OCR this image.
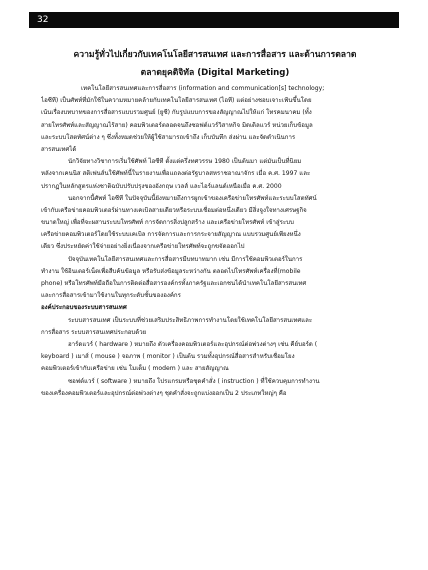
32
ความรู้ทั่วไปเกี่ยวกับเทคโนโลยีสารสนเทศ และการสื่อสาร และด้านการตลาด
ตลาดยุคดิจิทัล (Digital Marketing)
เทคโนโลยีสารสนเทศและการสื่อสาร (information and communication[s] technology;
ไอซีที) เป็นศัพท์ที่มักใช้ในความหมายคล้ายกับเทคโนโลยีสารสนเทศ (ไอที) แต่อย่างชอบเจาะเฟ้นขึ้นโดย
เน้นเรื่องบทบาทของการสื่อสารแบบรวมศูนย์ (ยูซี) กับรูปแบบการของสัญญาณไปให้แก่ โทรคมนาคม (ทั้ง
สายโทรศัพท์และสัญญาณไร้สาย) คอมพิวเตอร์ตลอดจนถึงซอฟต์แวร์วิสาหกิจ มิดเดิลแวร์ หน่วยเก็บข้อมูล
และระบบโสตทัศน์ต่าง ๆ ซึ่งทั้งหมดช่วยให้ผู้ใช้สามารถเข้าถึง เก็บบันทึก ส่งผ่าน และจัดดำเนินการ
สารสนเทศได้
นักวิจัยทางวิชาการเริ่มใช้ศัพท์ ไอซีที ตั้งแต่ครึ่งทศวรรษ 1980 เป็นต้นมา แต่มันเป็นที่นิยม
หลังจากเคนนิส สติเฟนส์นใช้ศัพท์นี้ในรายงานเพื่อแถลงต่อรัฐบาลสหราชอาณาจักร เมื่อ ค.ศ. 1997 และ
ปรากฏในหลักสูตรแห่งชาติฉบับปรับปรุงของอังกฤษ เวลส์ และไอร์แลนด์เหนือเมื่อ ค.ศ. 2000
นอกจากนี้ศัพท์ ไอซีที ในปัจจุบันนี้ยังหมายถึงการผูกเข้าของเครือข่ายโทรศัพท์และระบบโสตทัศน์
เข้ากับเครือข่ายคอมพิวเตอร์ผ่านทางเคเบิลสายเดียวหรือระบบเชื่อมต่อหนึ่งเดียว มีสิ่งจูงใจทางเศรษฐกิจ
ขนาดใหญ่ เพื่อที่จะผสานระบบโทรศัพท์ การจัดการสิ่งปลูกสร้าง และเครือข่ายโทรศัพท์ เข้าสู่ระบบ
เครือข่ายคอมพิวเตอร์โดยใช้ระบบเคเบิล การจัดการและการกระจายสัญญาณ แบบรวมศูนย์เพียงหนึ่ง
เดียว ซึ่งประหยัดค่าใช้จ่ายอย่างยิ่งเนื่องจากเครือข่ายโทรศัพท์จะถูกขจัดออกไป
ปัจจุบันเทคโนโลยีสารสนเทศและการสื่อสารมีบทบาทมาก เช่น มีการใช้คอมพิวเตอร์ในการ
ทำงาน ใช้อินเตอร์เน็ตเพื่อสืบค้นข้อมูล หรือรับส่งข้อมูลระหว่างกัน ตลอดไปโทรศัพท์เครื่องที่(mobile
phone) หรือโทรศัพท์มือถือในการติดต่อสื่อสารองค์กรทั้งภาครัฐและเอกชนได้นำเทคโนโลยีสารสนเทศ
และการสื่อสารเข้ามาใช้งานในทุกระดับชั้นขององค์กร
องค์ประกอบของระบบสารสนเทศ
ระบบสารสนเทศ เป็นระบบที่ช่วยเสริมประสิทธิภาพการทำงานโดยใช้เทคโนโลยีสารสนเทศและ
การสื่อสาร ระบบสารสนเทศประกอบด้วย
ฮาร์ดแวร์ ( hardware ) หมายถึง ตัวเครื่องคอมพิวเตอร์และอุปกรณ์ต่อพ่วงต่างๆ เช่น คีย์บอร์ด (
keyboard ) เมาส์ ( mouse ) จอภาพ ( monitor ) เป็นต้น รวมทั้งอุปกรณ์สื่อสารสำหรับเชื่อมโยง
คอมพิวเตอร์เข้ากับเครือข่าย เช่น โมเด็ม ( modem ) และ สายสัญญาณ
ซอฟต์แวร์ ( software ) หมายถึง โปรแกรมหรือชุดคำสั่ง ( instruction ) ที่ใช้ควบคุมการทำงาน
ของเครื่องคอมพิวเตอร์และอุปกรณ์ต่อพ่วงต่างๆ ชุดคำสั่งจะถูกแบ่งออกเป็น 2 ประเภทใหญ่ๆ คือ
